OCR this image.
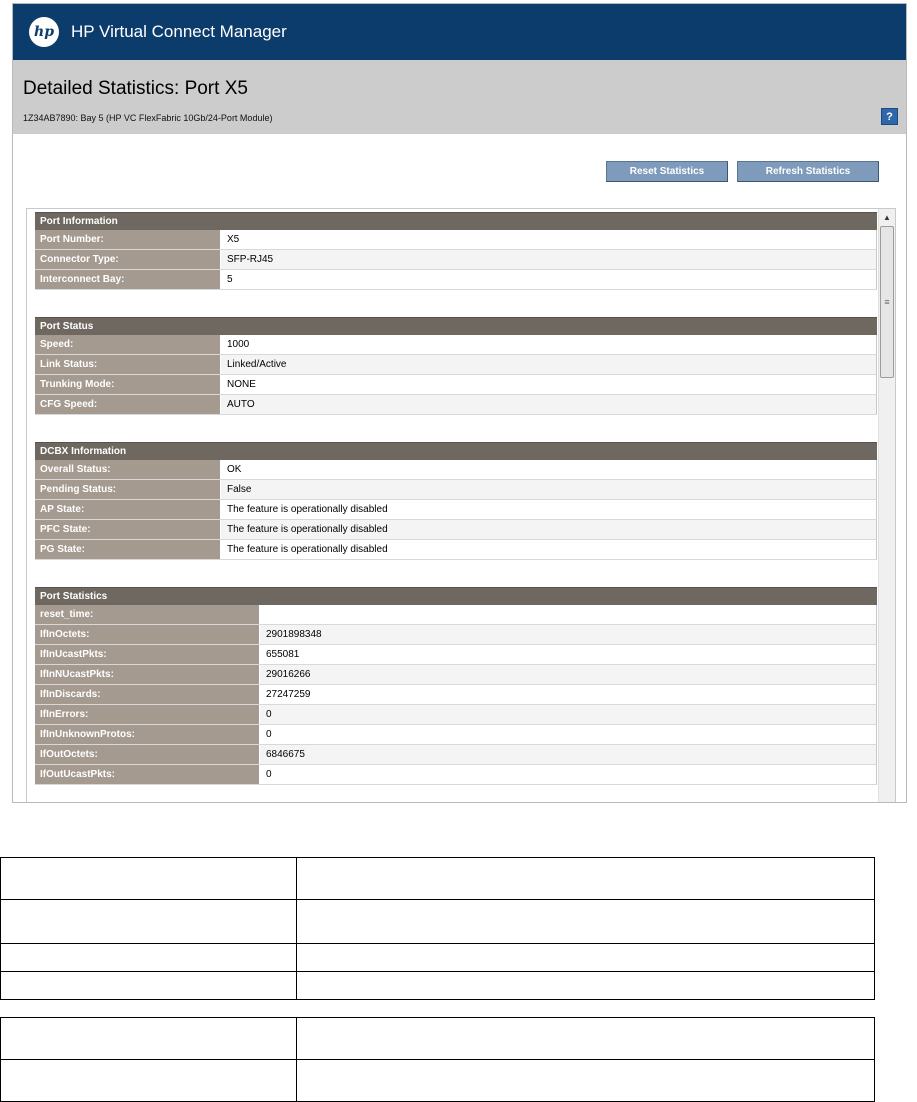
hp HP Virtual Connect Manager
Detailed Statistics: Port X5
1Z34AB7890: Bay 5 (HP VC FlexFabric 10Gb/24-Port Module)	?
Reset Statistics	Refresh Statistics
Port Information
Port Number:	X5
Connector Type:	SFP-RJ45
Interconnect Bay:	5
Port Status
Speed:	1000
Link Status:	Linked/Active
Trunking Mode:	NONE
CFG Speed:	AUTO
DCBX Information
Overall Status:	OK
Pending Status:	False
AP State:	The feature is operationally disabled
PFC State:	The feature is operationally disabled
PG State:	The feature is operationally disabled
Port Statistics
reset_time:
IfInOctets:	2901898348
IfInUcastPkts:	655081
IfInNUcastPkts:	29016266
IfInDiscards:	27247259
IfInErrors:	0
IfInUnknownProtos:	0
IfOutOctets:	6846675
IfOutUcastPkts:	0
▲
≡
